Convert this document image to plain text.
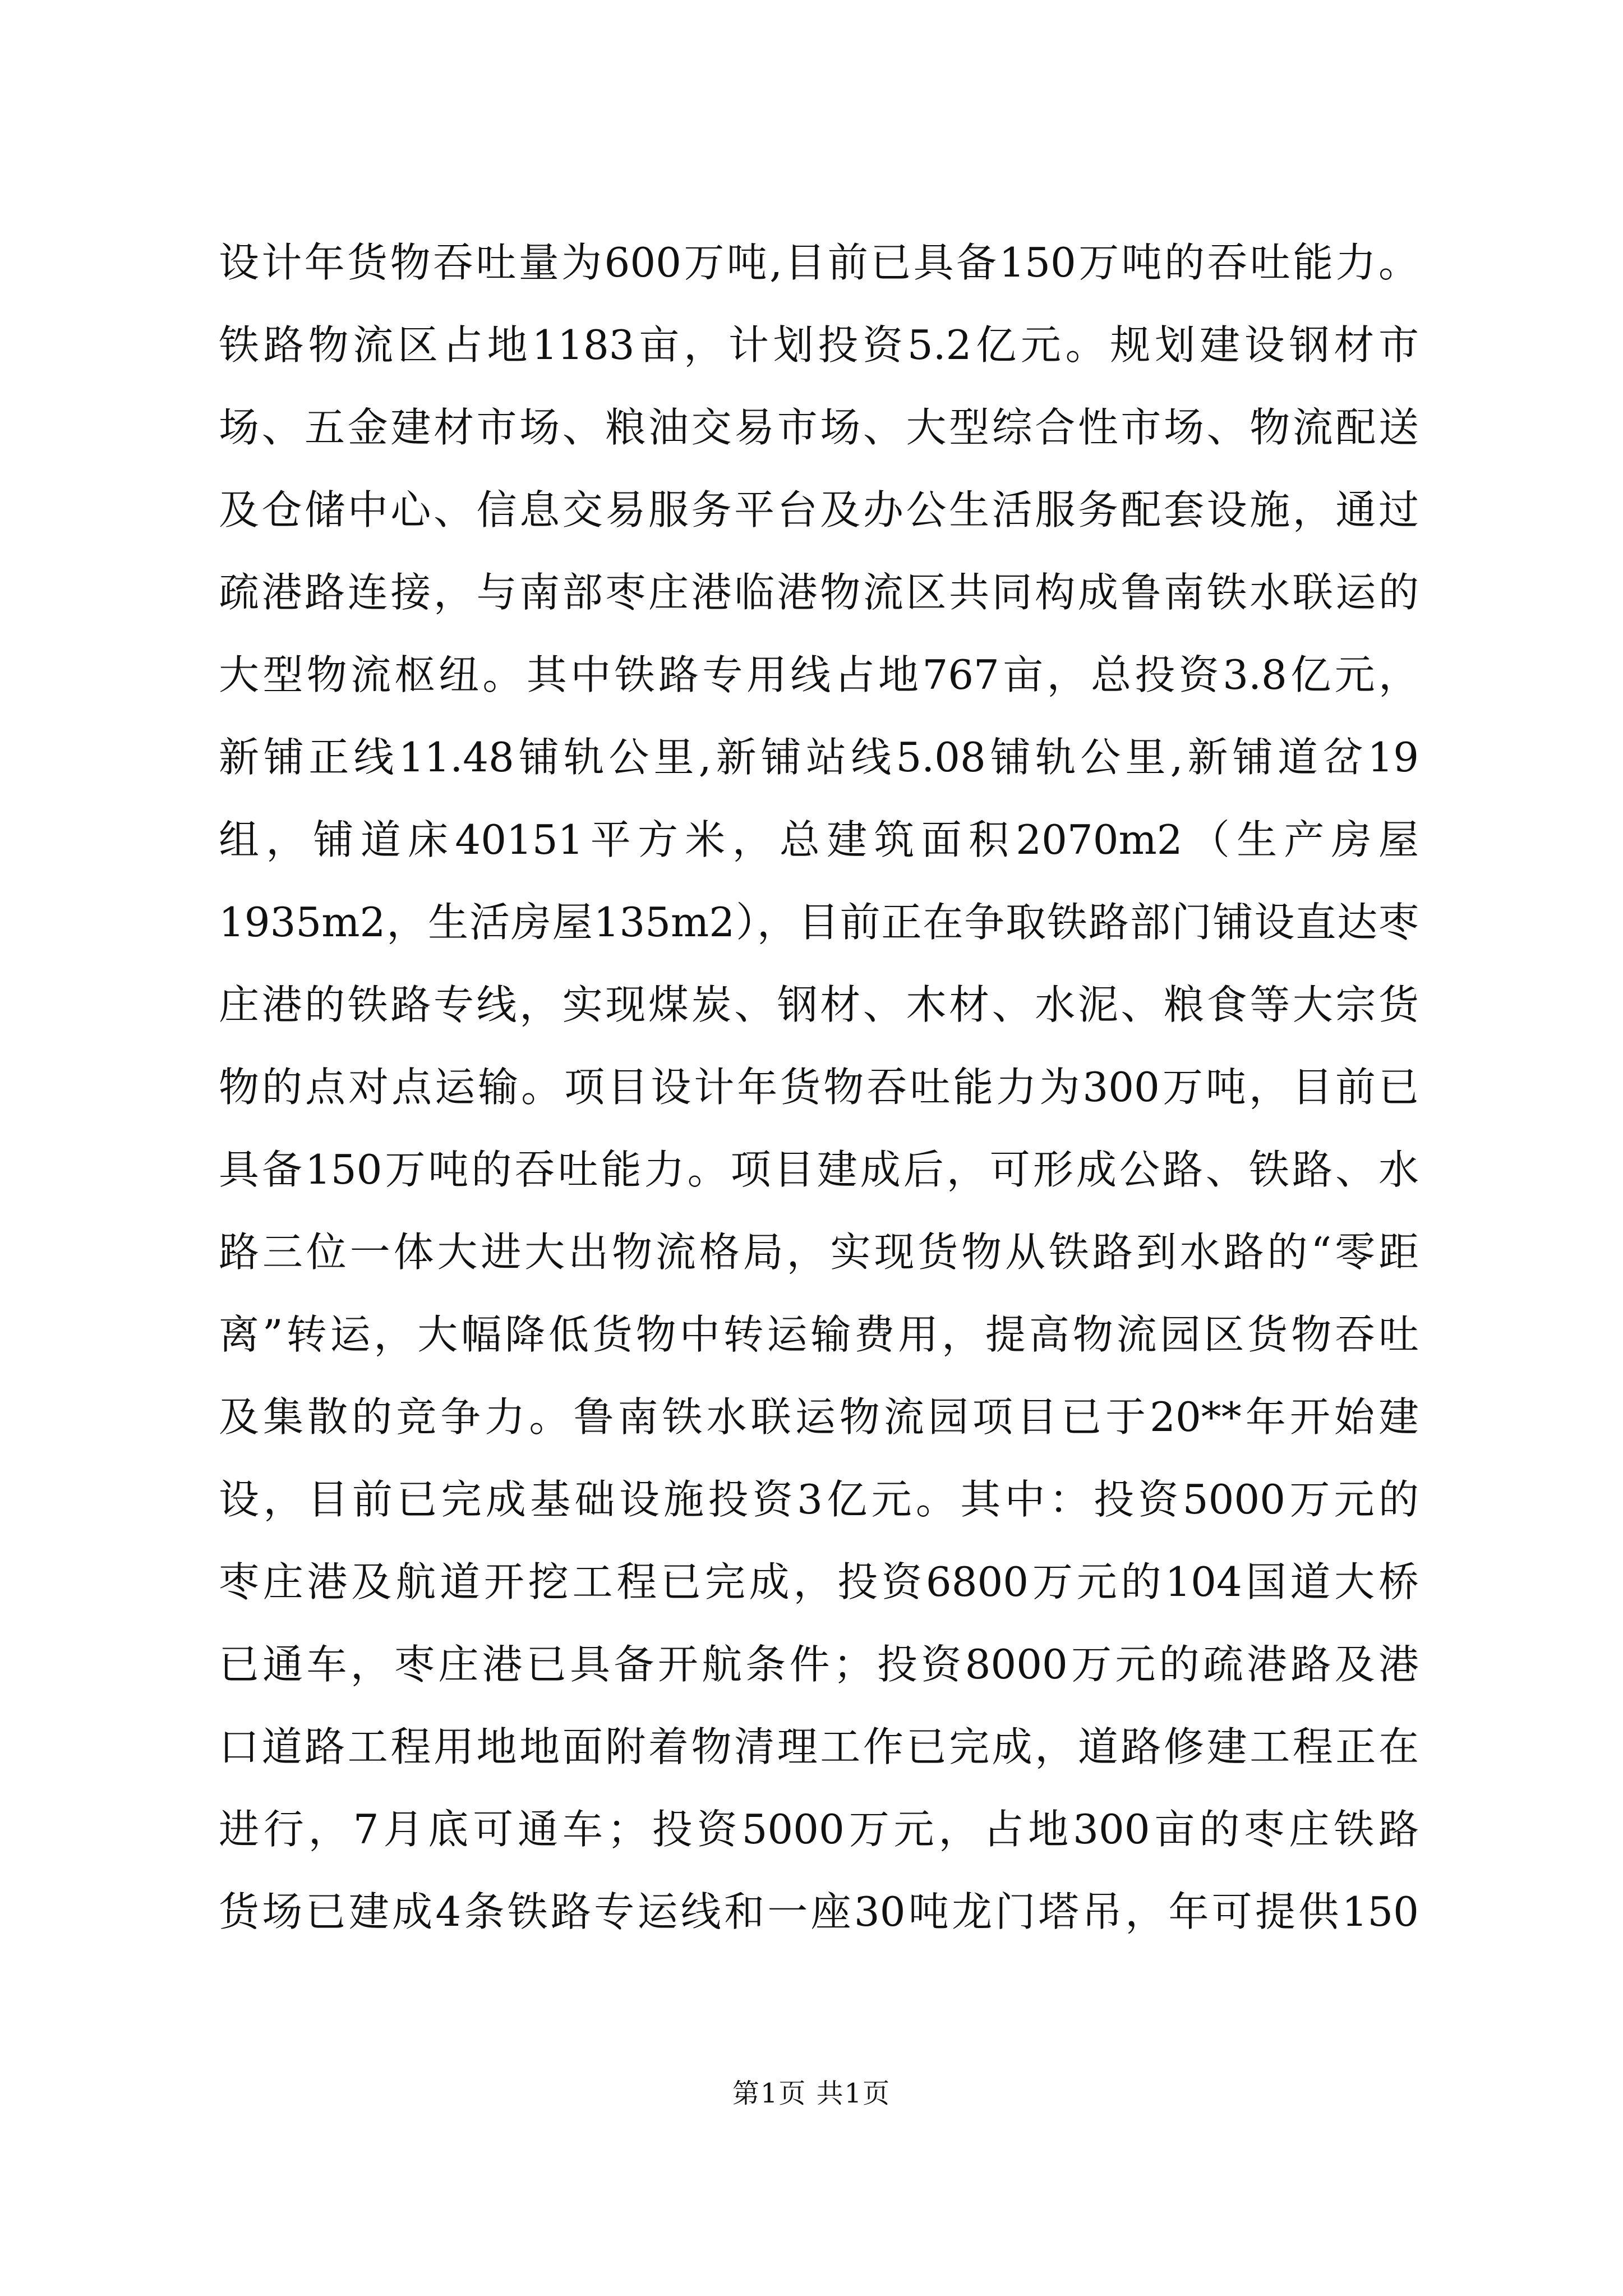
设计年货物吞吐量为600万吨,目前已具备150万吨的吞吐能力。
铁路物流区占地1183亩，计划投资5.2亿元。规划建设钢材市
场、五金建材市场、粮油交易市场、大型综合性市场、物流配送
及仓储中心、信息交易服务平台及办公生活服务配套设施，通过
疏港路连接，与南部枣庄港临港物流区共同构成鲁南铁水联运的
大型物流枢纽。其中铁路专用线占地767亩，总投资3.8亿元，
新铺正线11.48铺轨公里,新铺站线5.08铺轨公里,新铺道岔19
组，铺道床40151平方米，总建筑面积2070m2（生产房屋
1935m2，生活房屋135m2），目前正在争取铁路部门铺设直达枣
庄港的铁路专线，实现煤炭、钢材、木材、水泥、粮食等大宗货
物的点对点运输。项目设计年货物吞吐能力为300万吨，目前已
具备150万吨的吞吐能力。项目建成后，可形成公路、铁路、水
路三位一体大进大出物流格局，实现货物从铁路到水路的“零距
离”转运，大幅降低货物中转运输费用，提高物流园区货物吞吐
及集散的竞争力。鲁南铁水联运物流园项目已于20**年开始建
设，目前已完成基础设施投资3亿元。其中：投资5000万元的
枣庄港及航道开挖工程已完成，投资6800万元的104国道大桥
已通车，枣庄港已具备开航条件；投资8000万元的疏港路及港
口道路工程用地地面附着物清理工作已完成，道路修建工程正在
进行，7月底可通车；投资5000万元，占地300亩的枣庄铁路
货场已建成4条铁路专运线和一座30吨龙门塔吊，年可提供150
第1页 共1页
